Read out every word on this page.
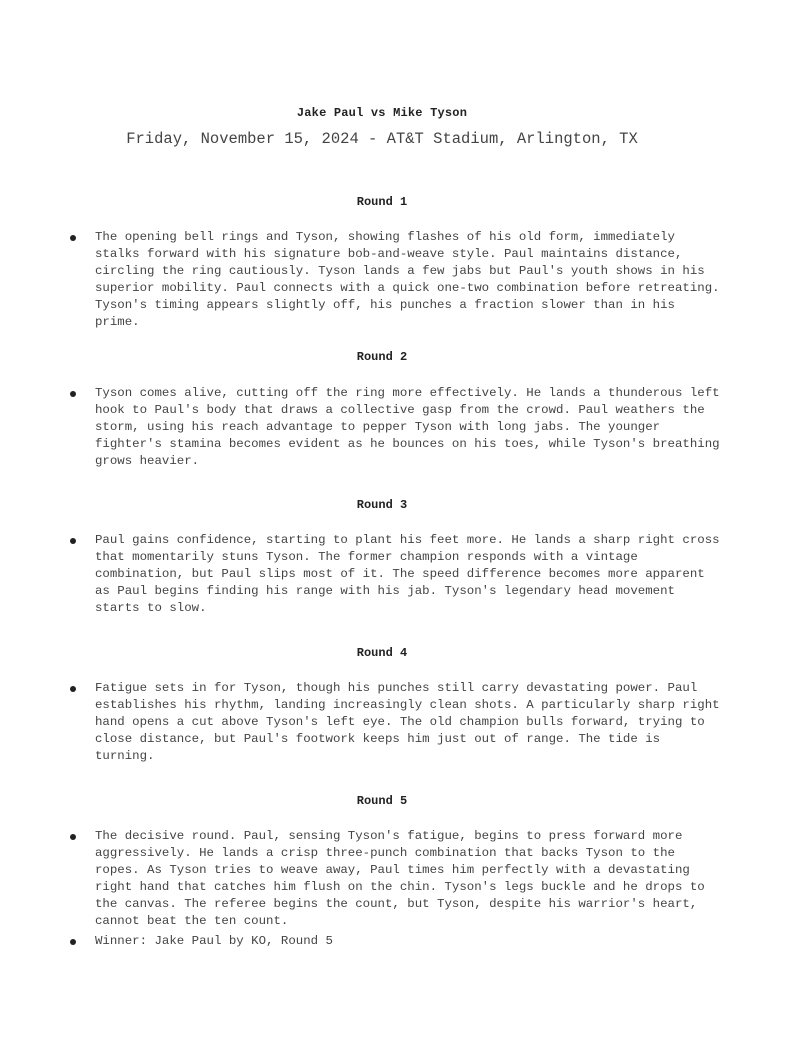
Jake Paul vs Mike Tyson
Friday, November 15, 2024 - AT&T Stadium, Arlington, TX
Round 1

The opening bell rings and Tyson, showing flashes of his old form, immediately stalks forward with his signature bob-and-weave style. Paul maintains distance, circling the ring cautiously. Tyson lands a few jabs but Paul's youth shows in his superior mobility. Paul connects with a quick one-two combination before retreating. Tyson's timing appears slightly off, his punches a fraction slower than in his prime.

Round 2

Tyson comes alive, cutting off the ring more effectively. He lands a thunderous left hook to Paul's body that draws a collective gasp from the crowd. Paul weathers the storm, using his reach advantage to pepper Tyson with long jabs. The younger fighter's stamina becomes evident as he bounces on his toes, while Tyson's breathing grows heavier.

Round 3

Paul gains confidence, starting to plant his feet more. He lands a sharp right cross that momentarily stuns Tyson. The former champion responds with a vintage combination, but Paul slips most of it. The speed difference becomes more apparent as Paul begins finding his range with his jab. Tyson's legendary head movement starts to slow.

Round 4

Fatigue sets in for Tyson, though his punches still carry devastating power. Paul establishes his rhythm, landing increasingly clean shots. A particularly sharp right hand opens a cut above Tyson's left eye. The old champion bulls forward, trying to close distance, but Paul's footwork keeps him just out of range. The tide is turning.

Round 5

The decisive round. Paul, sensing Tyson's fatigue, begins to press forward more aggressively. He lands a crisp three-punch combination that backs Tyson to the ropes. As Tyson tries to weave away, Paul times him perfectly with a devastating right hand that catches him flush on the chin. Tyson's legs buckle and he drops to the canvas. The referee begins the count, but Tyson, despite his warrior's heart, cannot beat the ten count.

Winner: Jake Paul by KO, Round 5
